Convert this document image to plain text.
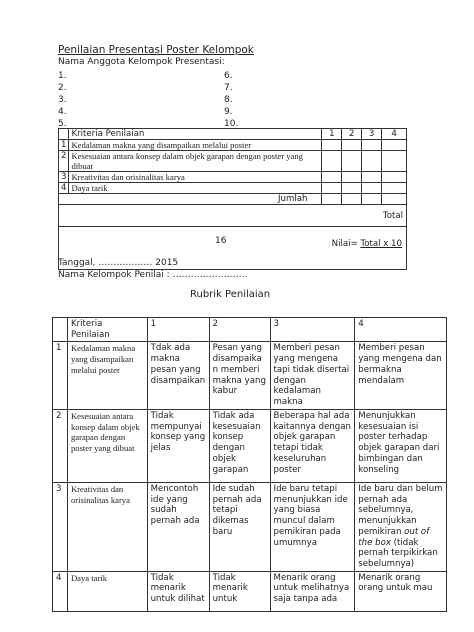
Penilaian Presentasi Poster Kelompok
Nama Anggota Kelompok Presentasi:
1.
2.
3.
4.
5.
6.
7.
8.
9.
10.
	Kriteria Penilaian	1	2	3	4
1	Kedalaman makna yang disampaikan melalui poster				
2	Kesesuaian antara konsep dalam objek garapan dengan poster yang dibuat				
3	Kreativitas dan orisinalitas karya				
4	Daya tarik				
Jumlah					
Total					

Nilai= Total x 10					
16
Tanggal, ……………… 2015
Nama Kelompok Penilai : …………………….
Rubrik Penilaian
	Kriteria Penilaian	1	2	3	4
1	Kedalaman makna yang disampaikan melalui poster	Tdak ada makna pesan yang disampaikan	Pesan yang disampaika n memberi makna yang kabur	Memberi pesan yang mengena tapi tidak disertai dengan kedalaman makna	Memberi pesan yang mengena dan bermakna mendalam
2	Kesesuaian antara konsep dalam objek garapan dengan poster yang dibuat	Tidak mempunyai konsep yang jelas	Tidak ada kesesuaian konsep dengan objek garapan	Beberapa hal ada kaitannya dengan objek garapan tetapi tidak keseluruhan poster	Menunjukkan kesesuaian isi poster terhadap objek garapan dari bimbingan dan konseling
3	Kreativitas dan orisinalitas karya	Mencontoh ide yang sudah pernah ada	Ide sudah pernah ada tetapi dikemas baru	Ide baru tetapi menunjukkan ide yang biasa muncul dalam pemikiran pada umumnya	Ide baru dan belum pernah ada sebelumnya, menunjukkan pemikiran out of the box (tidak pernah terpikirkan sebelumnya)
4	Daya tarik	Tidak menarik untuk dilihat	Tidak menarik untuk	Menarik orang untuk melihatnya saja tanpa ada	Menarik orang orang untuk mau
